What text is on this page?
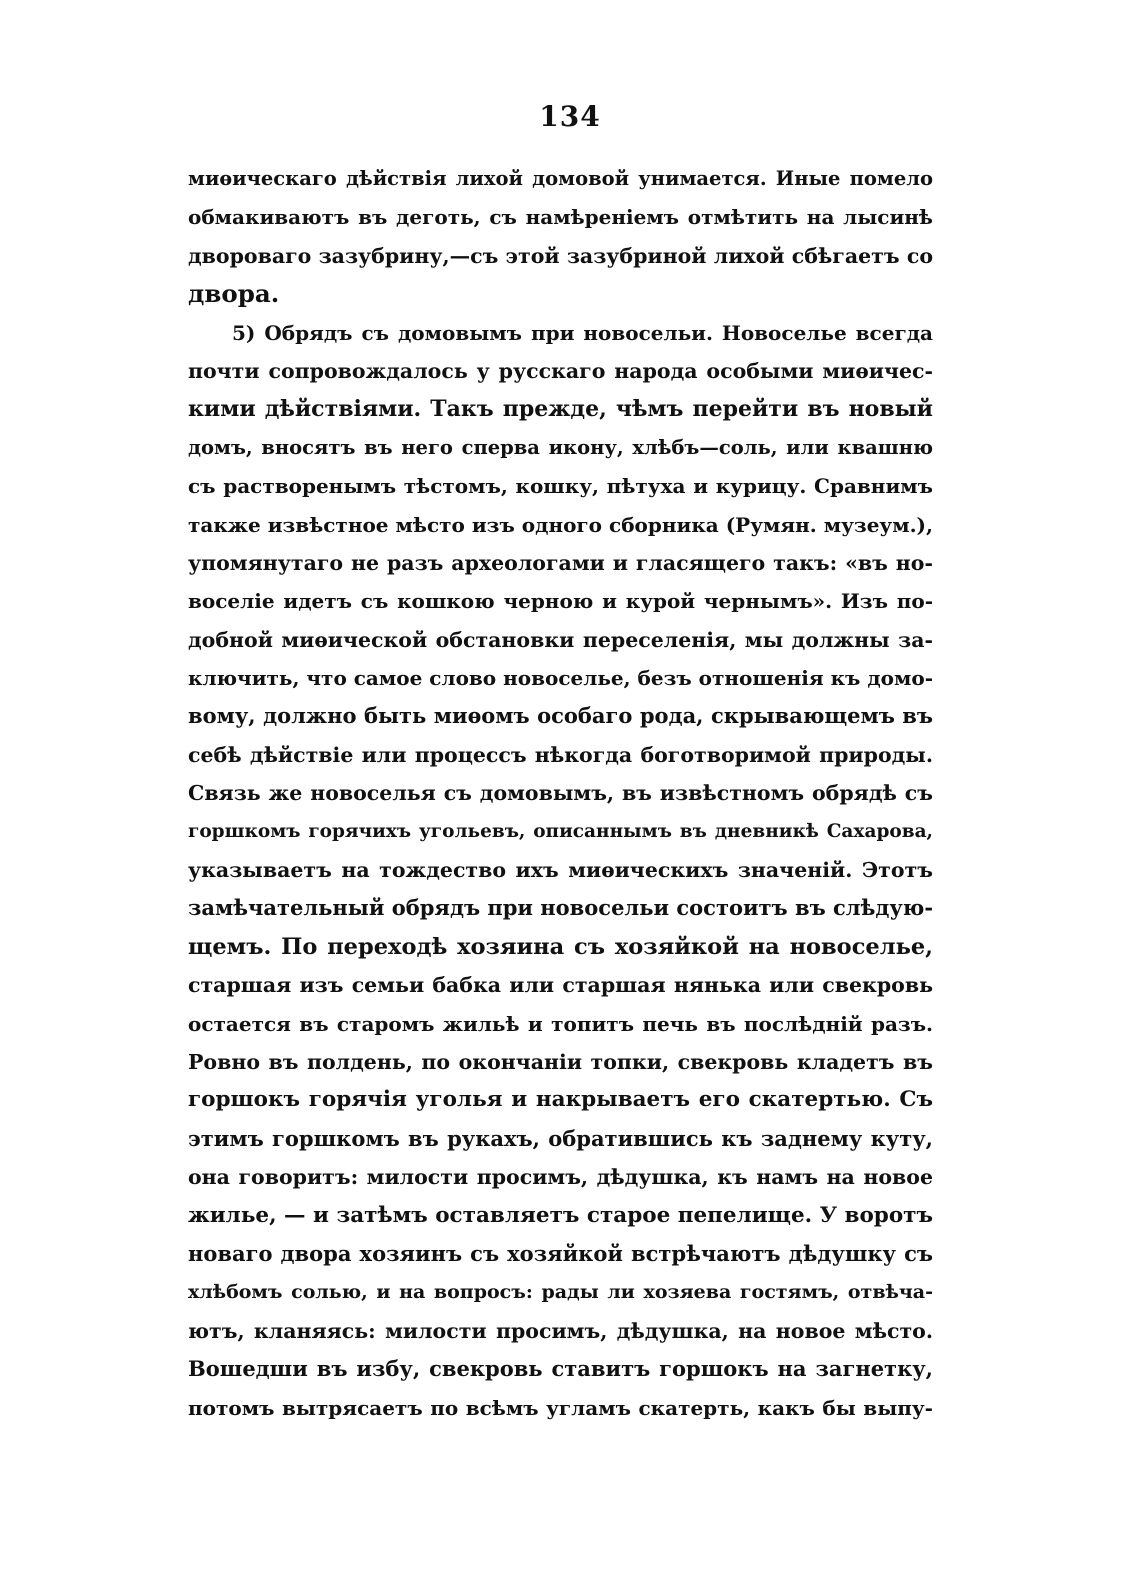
134
миѳическаго дѣйствія лихой домовой унимается. Иные помело
обмакиваютъ въ деготь, съ намѣреніемъ отмѣтить на лысинѣ
двороваго зазубрину,—съ этой зазубриной лихой сбѣгаетъ со
двора.
5) Обрядъ съ домовымъ при новосельи. Новоселье всегда
почти сопровождалось у русскаго народа особыми миѳичес-
кими дѣйствіями. Такъ прежде, чѣмъ перейти въ новый
домъ, вносятъ въ него сперва икону, хлѣбъ—соль, или квашню
съ растворенымъ тѣстомъ, кошку, пѣтуха и курицу. Сравнимъ
также извѣстное мѣсто изъ одного сборника (Румян. музеум.),
упомянутаго не разъ археологами и гласящего такъ: «въ но-
воселіе идетъ съ кошкою черною и курой чернымъ». Изъ по-
добной миѳической обстановки переселенія, мы должны за-
ключить, что самое слово новоселье, безъ отношенія къ домо-
вому, должно быть миѳомъ особаго рода, скрывающемъ въ
себѣ дѣйствіе или процессъ нѣкогда боготворимой природы.
Связь же новоселья съ домовымъ, въ извѣстномъ обрядѣ съ
горшкомъ горячихъ угольевъ, описаннымъ въ дневникѣ Сахарова,
указываетъ на тождество ихъ миѳическихъ значеній. Этотъ
замѣчательный обрядъ при новосельи состоитъ въ слѣдую-
щемъ. По переходѣ хозяина съ хозяйкой на новоселье,
старшая изъ семьи бабка или старшая нянька или свекровь
остается въ старомъ жильѣ и топитъ печь въ послѣдній разъ.
Ровно въ полдень, по окончаніи топки, свекровь кладетъ въ
горшокъ горячія уголья и накрываетъ его скатертью. Съ
этимъ горшкомъ въ рукахъ, обратившись къ заднему куту,
она говоритъ: милости просимъ, дѣдушка, къ намъ на новое
жилье, — и затѣмъ оставляетъ старое пепелище. У воротъ
новаго двора хозяинъ съ хозяйкой встрѣчаютъ дѣдушку съ
хлѣбомъ солью, и на вопросъ: рады ли хозяева гостямъ, отвѣча-
ютъ, кланяясь: милости просимъ, дѣдушка, на новое мѣсто.
Вошедши въ избу, свекровь ставитъ горшокъ на загнетку,
потомъ вытрясаетъ по всѣмъ угламъ скатерть, какъ бы выпу-
